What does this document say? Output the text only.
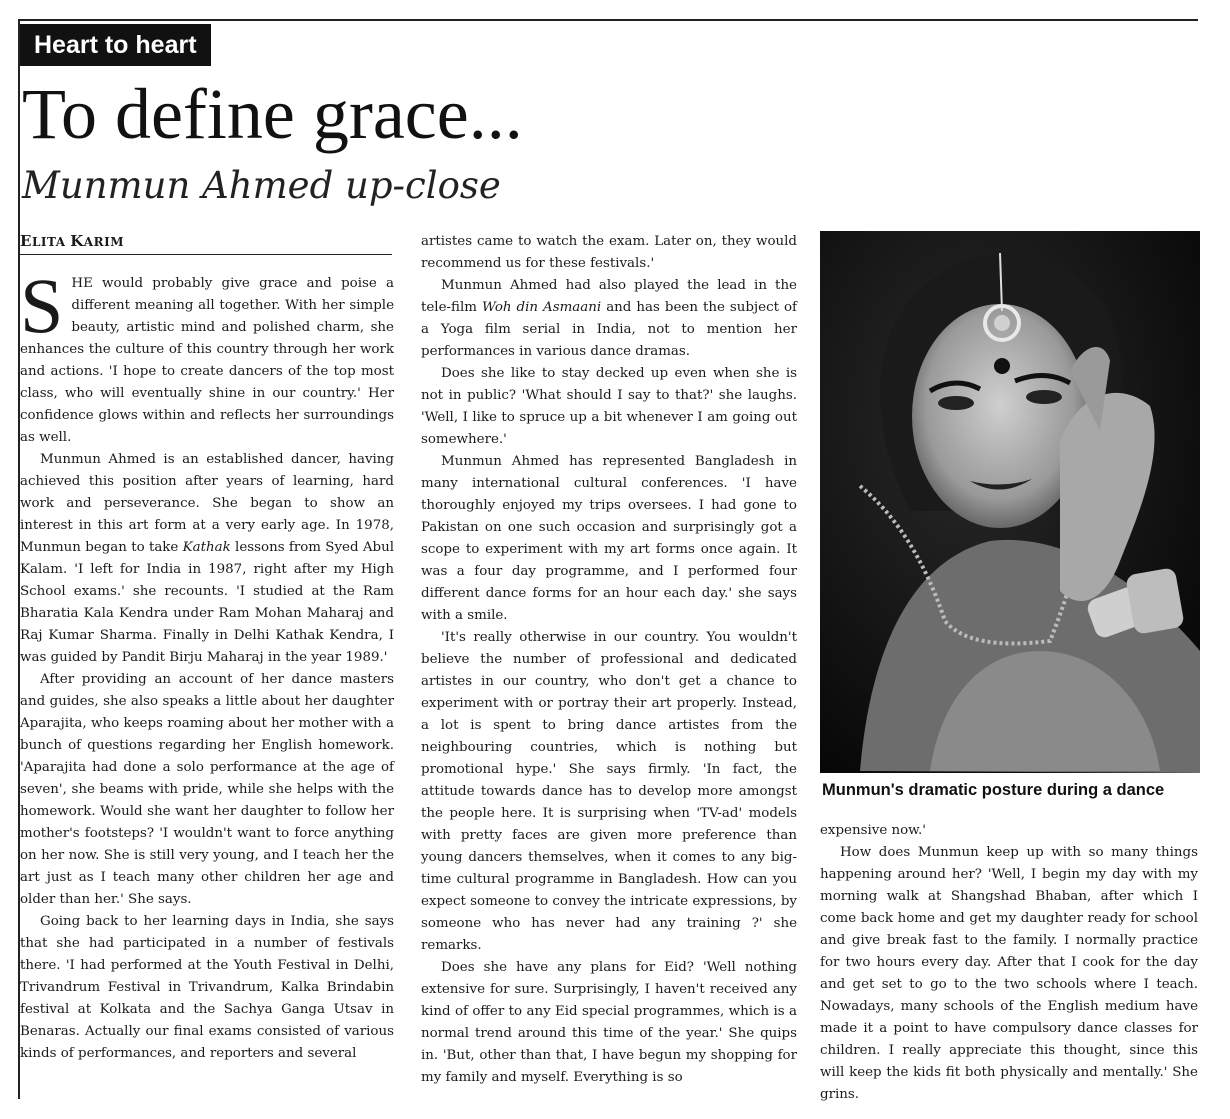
Heart to heart
To define grace...
Munmun Ahmed up-close
ELITA KARIM

SHE would probably give grace and poise a different meaning all together. With her simple beauty, artistic mind and polished charm, she enhances the culture of this country through her work and actions. 'I hope to create dancers of the top most class, who will eventually shine in our country.' Her confidence glows within and reflects her surroundings as well.

Munmun Ahmed is an established dancer, having achieved this position after years of learning, hard work and perseverance. She began to show an interest in this art form at a very early age. In 1978, Munmun began to take Kathak lessons from Syed Abul Kalam. 'I left for India in 1987, right after my High School exams.' she recounts. 'I studied at the Ram Bharatia Kala Kendra under Ram Mohan Maharaj and Raj Kumar Sharma. Finally in Delhi Kathak Kendra, I was guided by Pandit Birju Maharaj in the year 1989.'

After providing an account of her dance masters and guides, she also speaks a little about her daughter Aparajita, who keeps roaming about her mother with a bunch of questions regarding her English homework. 'Aparajita had done a solo performance at the age of seven', she beams with pride, while she helps with the homework. Would she want her daughter to follow her mother's footsteps? 'I wouldn't want to force anything on her now. She is still very young, and I teach her the art just as I teach many other children her age and older than her.' She says.

Going back to her learning days in India, she says that she had participated in a number of festivals there. 'I had performed at the Youth Festival in Delhi, Trivandrum Festival in Trivandrum, Kalka Brindabin festival at Kolkata and the Sachya Ganga Utsav in Benaras. Actually our final exams consisted of various kinds of performances, and reporters and several

artistes came to watch the exam. Later on, they would recommend us for these festivals.'

Munmun Ahmed had also played the lead in the tele-film Woh din Asmaani and has been the subject of a Yoga film serial in India, not to mention her performances in various dance dramas.

Does she like to stay decked up even when she is not in public? 'What should I say to that?' she laughs. 'Well, I like to spruce up a bit whenever I am going out somewhere.'

Munmun Ahmed has represented Bangladesh in many international cultural conferences. 'I have thoroughly enjoyed my trips oversees. I had gone to Pakistan on one such occasion and surprisingly got a scope to experiment with my art forms once again. It was a four day programme, and I performed four different dance forms for an hour each day.' she says with a smile.

'It's really otherwise in our country. You wouldn't believe the number of professional and dedicated artistes in our country, who don't get a chance to experiment with or portray their art properly. Instead, a lot is spent to bring dance artistes from the neighbouring countries, which is nothing but promotional hype.' She says firmly. 'In fact, the attitude towards dance has to develop more amongst the people here. It is surprising when 'TV-ad' models with pretty faces are given more preference than young dancers themselves, when it comes to any big-time cultural programme in Bangladesh. How can you expect someone to convey the intricate expressions, by someone who has never had any training ?' she remarks.

Does she have any plans for Eid? 'Well nothing extensive for sure. Surprisingly, I haven't received any kind of offer to any Eid special programmes, which is a normal trend around this time of the year.' She quips in. 'But, other than that, I have begun my shopping for my family and myself. Everything is so

Munmun's dramatic posture during a dance

expensive now.'

How does Munmun keep up with so many things happening around her? 'Well, I begin my day with my morning walk at Shangshad Bhaban, after which I come back home and get my daughter ready for school and give break fast to the family. I normally practice for two hours every day. After that I cook for the day and get set to go to the two schools where I teach. Nowadays, many schools of the English medium have made it a point to have compulsory dance classes for children. I really appreciate this thought, since this will keep the kids fit both physically and mentally.' She grins.
